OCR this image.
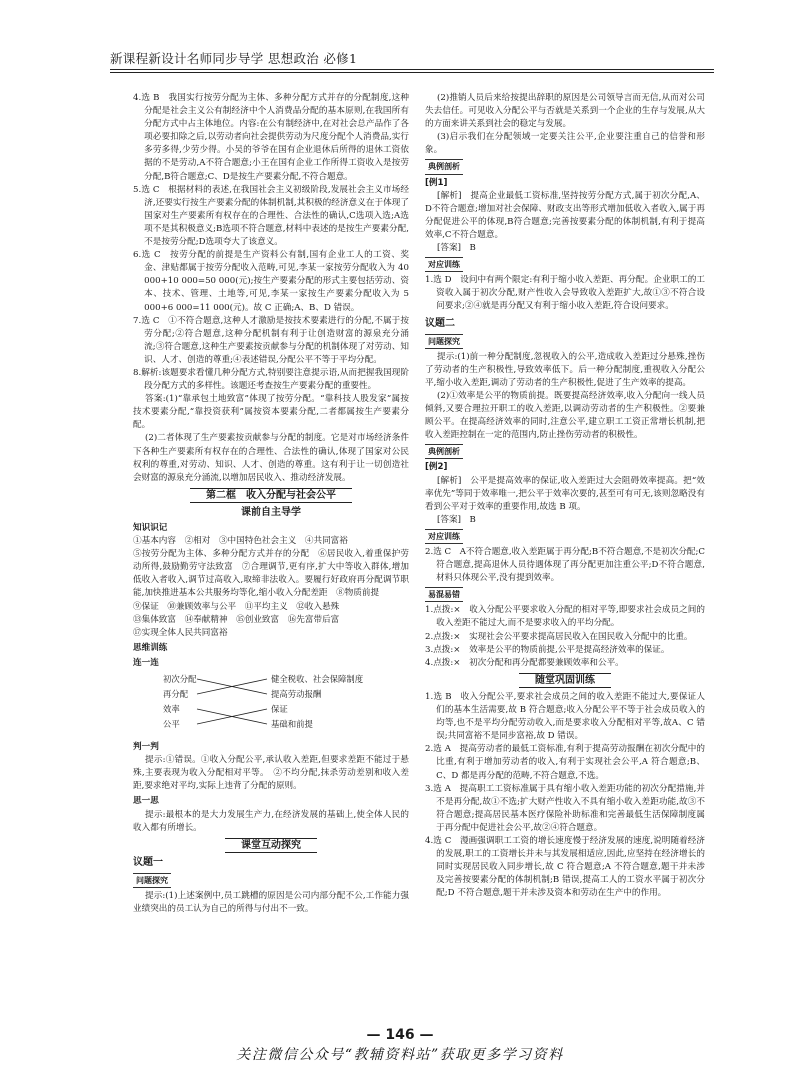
新课程新设计名师同步导学 思想政治 必修1

4.选 B　我国实行按劳分配为主体、多种分配方式并存的分配制度,这种分配是社会主义公有制经济中个人消费品分配的基本原则,在我国所有分配方式中占主体地位。内容:在公有制经济中,在对社会总产品作了各项必要扣除之后,以劳动者向社会提供劳动为尺度分配个人消费品,实行多劳多得,少劳少得。小吴的爷爷在国有企业退休后所得的退休工资依据的不是劳动,A不符合题意;小王在国有企业工作所得工资收入是按劳分配,B符合题意;C、D是按生产要素分配,不符合题意。

5.选 C　根据材料的表述,在我国社会主义初级阶段,发展社会主义市场经济,还要实行按生产要素分配的体制机制,其积极的经济意义在于体现了国家对生产要素所有权存在的合理性、合法性的确认,C选项入选;A选项不是其积极意义;B选项不符合题意,材料中表述的是按生产要素分配,不是按劳分配;D选项夸大了该意义。

6.选 C　按劳分配的前提是生产资料公有制,国有企业工人的工资、奖金、津贴都属于按劳分配收入范畴,可见,李某一家按劳分配收入为 40 000+10 000=50 000(元);按生产要素分配的形式主要包括劳动、资本、技术、管理、土地等,可见,李某一家按生产要素分配收入为 5 000+6 000=11 000(元)。故 C 正确;A、B、D 错误。

7.选 C　①不符合题意,这种人才激励是按技术要素进行的分配,不属于按劳分配;②符合题意,这种分配机制有利于让创造财富的源泉充分涌流;③符合题意,这种生产要素按贡献参与分配的机制体现了对劳动、知识、人才、创造的尊重;④表述错误,分配公平不等于平均分配。

8.解析:该题要求看懂几种分配方式,特别要注意提示语,从而把握我国现阶段分配方式的多样性。该题还考查按生产要素分配的重要性。

答案:(1)“靠承包土地致富”体现了按劳分配。“靠科技人股发家”属按技术要素分配,“靠投资获利”属按资本要素分配,二者都属按生产要素分配。

(2)二者体现了生产要素按贡献参与分配的制度。它是对市场经济条件下各种生产要素所有权存在的合理性、合法性的确认,体现了国家对公民权利的尊重,对劳动、知识、人才、创造的尊重。这有利于让一切创造社会财富的源泉充分涌流,以增加居民收入、推动经济发展。

第二框　收入分配与社会公平
课前自主导学
知识识记

①基本内容　②相对　③中国特色社会主义　④共同富裕

⑤按劳分配为主体、多种分配方式并存的分配　⑥居民收入,着重保护劳动所得,鼓励勤劳守法致富　⑦合理调节,更有序,扩大中等收入群体,增加低收入者收入,调节过高收入,取缔非法收入。要履行好政府再分配调节职能,加快推进基本公共服务均等化,缩小收入分配差距　⑧物质前提

⑨保证　⑩兼顾效率与公平　⑪平均主义　⑫收入悬殊

⑬集体致富　⑭奉献精神　⑮创业致富　⑯先富带后富

⑰实现全体人民共同富裕

思维训练
连一连
初次分配
再分配
效率
公平
健全税收、社会保障制度
提高劳动报酬
保证
基础和前提
判一判

提示:①错误。①收入分配公平,承认收入差距,但要求差距不能过于悬殊,主要表现为收入分配相对平等。　②不均分配,抹杀劳动差别和收入差距,要求绝对平均,实际上违背了分配的原则。

思一思

提示:最根本的是大力发展生产力,在经济发展的基础上,使全体人民的收入都有所增长。

课堂互动探究
议题一
问题探究

提示:(1)上述案例中,员工跳槽的原因是公司内部分配不公,工作能力强业绩突出的员工认为自己的所得与付出不一致。

(2)推销人员后来给按提出辞职的原因是公司领导言而无信,从而对公司失去信任。可见收入分配公平与否就是关系到一个企业的生存与发展,从大的方面来讲关系到社会的稳定与发展。

(3)启示我们在分配领域一定要关注公平,企业要注重自己的信誉和形象。

典例剖析
[例1]

[解析]　提高企业最低工资标准,坚持按劳分配方式,属于初次分配,A、D不符合题意;增加对社会保障、财政支出等形式增加低收入者收入,属于再分配促进公平的体现,B符合题意;完善按要素分配的体制机制,有利于提高效率,C不符合题意。

[答案]　B

对应训练

1.选 D　设问中有两个限定:有利于缩小收入差距、再分配。企业职工的工资收入属于初次分配,财产性收入会导致收入差距扩大,故①③不符合设问要求;②④就是再分配又有利于缩小收入差距,符合设问要求。

议题二
问题探究

提示:(1)前一种分配制度,忽视收入的公平,造成收入差距过分悬殊,挫伤了劳动者的生产积极性,导致效率低下。后一种分配制度,重视收入分配公平,缩小收入差距,调动了劳动者的生产积极性,促进了生产效率的提高。

(2)①效率是公平的物质前提。既要提高经济效率,收入分配向一线人员倾斜,又要合理拉开职工的收入差距,以调动劳动者的生产积极性。②要兼顾公平。在提高经济效率的同时,注意公平,建立职工工资正常增长机制,把收入差距控制在一定的范围内,防止挫伤劳动者的积极性。

典例剖析
[例2]

[解析]　公平是提高效率的保证,收入差距过大会阻碍效率提高。把“效率优先”等同于效率唯一,把公平于效率次要的,甚至可有可无,该则忽略没有看到公平对于效率的重要作用,故选 B 项。

[答案]　B

对应训练

2.选 C　A不符合题意,收入差距属于再分配;B不符合题意,不是初次分配;C符合题意,提高退休人员待遇体现了再分配更加注重公平;D不符合题意,材料只体现公平,没有提到效率。

易混易错

1.点拨:×　收入分配公平要求收入分配的相对平等,即要求社会成员之间的收入差距不能过大,而不是要求收入的平均分配。

2.点拨:×　实现社会公平要求提高居民收入在国民收入分配中的比重。

3.点拨:×　效率是公平的物质前提,公平是提高经济效率的保证。

4.点拨:×　初次分配和再分配都要兼顾效率和公平。

随堂巩固训练

1.选 B　收入分配公平,要求社会成员之间的收入差距不能过大,要保证人们的基本生活需要,故 B 符合题意;收入分配公平不等于社会成员收入的均等,也不是平均分配劳动收入,而是要求收入分配相对平等,故A、C 错误;共同富裕不是同步富裕,故 D 错误。

2.选 A　提高劳动者的最低工资标准,有利于提高劳动报酬在初次分配中的比重,有利于增加劳动者的收入,有利于实现社会公平,A 符合题意;B、C、D 都是再分配的范畴,不符合题意,不选。

3.选 A　提高职工工资标准属于具有缩小收入差距功能的初次分配措施,并不是再分配,故①不选;扩大财产性收入不具有缩小收入差距功能,故③不符合题意;提高居民基本医疗保险补助标准和完善最低生活保障制度属于再分配中促进社会公平,故②④符合题意。

4.选 C　漫画强调职工工资的增长速度慢于经济发展的速度,说明随着经济的发展,职工的工资增长并未与其发展相适应,因此,应坚持在经济增长的同时实现居民收入同步增长,故 C 符合题意;A 不符合题意,题干并未涉及完善按要素分配的体制机制;B 错误,提高工人的工资水平属于初次分配;D 不符合题意,题干并未涉及资本和劳动在生产中的作用。

— 146 —
关注微信公众号“教辅资料站”获取更多学习资料
